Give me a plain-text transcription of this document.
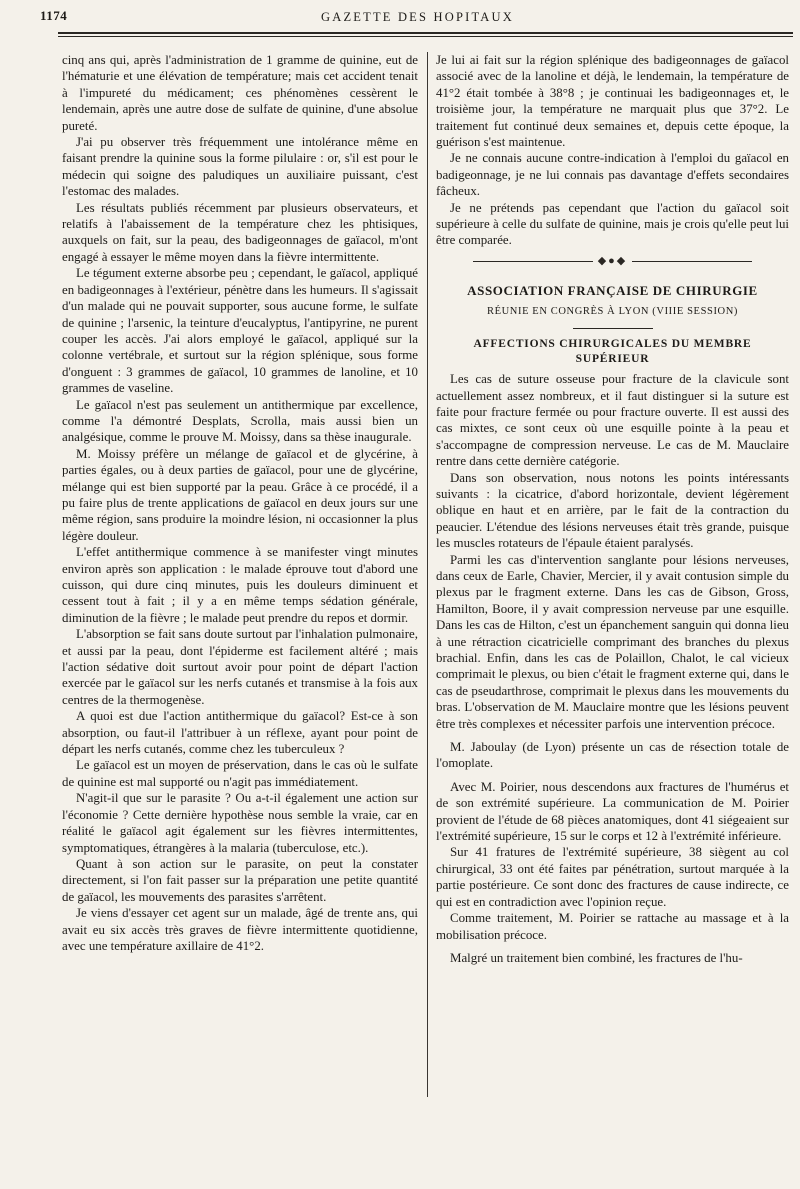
1174	GAZETTE DES HOPITAUX

cinq ans qui, après l'administration de 1 gramme de quinine, eut de l'hématurie et une élévation de température; mais cet accident tenait à l'impureté du médicament; ces phénomènes cessèrent le lendemain, après une autre dose de sulfate de quinine, d'une absolue pureté.

J'ai pu observer très fréquemment une intolérance même en faisant prendre la quinine sous la forme pilulaire : or, s'il est pour le médecin qui soigne des paludiques un auxiliaire puissant, c'est l'estomac des malades.

Les résultats publiés récemment par plusieurs observateurs, et relatifs à l'abaissement de la température chez les phtisiques, auxquels on fait, sur la peau, des badigeonnages de gaïacol, m'ont engagé à essayer le même moyen dans la fièvre intermittente.

Le tégument externe absorbe peu ; cependant, le gaïacol, appliqué en badigeonnages à l'extérieur, pénètre dans les humeurs. Il s'agissait d'un malade qui ne pouvait supporter, sous aucune forme, le sulfate de quinine ; l'arsenic, la teinture d'eucalyptus, l'antipyrine, ne purent couper les accès. J'ai alors employé le gaïacol, appliqué sur la colonne vertébrale, et surtout sur la région splénique, sous forme d'onguent : 3 grammes de gaïacol, 10 grammes de lanoline, et 10 grammes de vaseline.

Le gaïacol n'est pas seulement un antithermique par excellence, comme l'a démontré Desplats, Scrolla, mais aussi bien un analgésique, comme le prouve M. Moissy, dans sa thèse inaugurale.

M. Moissy préfère un mélange de gaïacol et de glycérine, à parties égales, ou à deux parties de gaïacol, pour une de glycérine, mélange qui est bien supporté par la peau. Grâce à ce procédé, il a pu faire plus de trente applications de gaïacol en deux jours sur une même région, sans produire la moindre lésion, ni occasionner la plus légère douleur.

L'effet antithermique commence à se manifester vingt minutes environ après son application : le malade éprouve tout d'abord une cuisson, qui dure cinq minutes, puis les douleurs diminuent et cessent tout à fait ; il y a en même temps sédation générale, diminution de la fièvre ; le malade peut prendre du repos et dormir.

L'absorption se fait sans doute surtout par l'inhalation pulmonaire, et aussi par la peau, dont l'épiderme est facilement altéré ; mais l'action sédative doit surtout avoir pour point de départ l'action exercée par le gaïacol sur les nerfs cutanés et transmise à la fois aux centres de la thermogenèse.

A quoi est due l'action antithermique du gaïacol? Est-ce à son absorption, ou faut-il l'attribuer à un réflexe, ayant pour point de départ les nerfs cutanés, comme chez les tuberculeux ?

Le gaïacol est un moyen de préservation, dans le cas où le sulfate de quinine est mal supporté ou n'agit pas immédiatement.

N'agit-il que sur le parasite ? Ou a-t-il également une action sur l'économie ? Cette dernière hypothèse nous semble la vraie, car en réalité le gaïacol agit également sur les fièvres intermittentes, symptomatiques, étrangères à la malaria (tuberculose, etc.).

Quant à son action sur le parasite, on peut la constater directement, si l'on fait passer sur la préparation une petite quantité de gaïacol, les mouvements des parasites s'arrêtent.

Je viens d'essayer cet agent sur un malade, âgé de trente ans, qui avait eu six accès très graves de fièvre intermittente quotidienne, avec une température axillaire de 41°2.

Je lui ai fait sur la région splénique des badigeonnages de gaïacol associé avec de la lanoline et déjà, le lendemain, la température de 41°2 était tombée à 38°8 ; je continuai les badigeonnages et, le troisième jour, la température ne marquait plus que 37°2. Le traitement fut continué deux semaines et, depuis cette époque, la guérison s'est maintenue.

Je ne connais aucune contre-indication à l'emploi du gaïacol en badigeonnage, je ne lui connais pas davantage d'effets secondaires fâcheux.

Je ne prétends pas cependant que l'action du gaïacol soit supérieure à celle du sulfate de quinine, mais je crois qu'elle peut lui être comparée.

◆●◆
ASSOCIATION FRANÇAISE DE CHIRURGIE
RÉUNIE EN CONGRÈS À LYON (VIIIE SESSION)
AFFECTIONS CHIRURGICALES DU MEMBRE SUPÉRIEUR

Les cas de suture osseuse pour fracture de la clavicule sont actuellement assez nombreux, et il faut distinguer si la suture est faite pour fracture fermée ou pour fracture ouverte. Il est aussi des cas mixtes, ce sont ceux où une esquille pointe à la peau et s'accompagne de compression nerveuse. Le cas de M. Mauclaire rentre dans cette dernière catégorie.

Dans son observation, nous notons les points intéressants suivants : la cicatrice, d'abord horizontale, devient légèrement oblique en haut et en arrière, par le fait de la contraction du peaucier. L'étendue des lésions nerveuses était très grande, puisque les muscles rotateurs de l'épaule étaient paralysés.

Parmi les cas d'intervention sanglante pour lésions nerveuses, dans ceux de Earle, Chavier, Mercier, il y avait contusion simple du plexus par le fragment externe. Dans les cas de Gibson, Gross, Hamilton, Boore, il y avait compression nerveuse par une esquille. Dans les cas de Hilton, c'est un épanchement sanguin qui donna lieu à une rétraction cicatricielle comprimant des branches du plexus brachial. Enfin, dans les cas de Polaillon, Chalot, le cal vicieux comprimait le plexus, ou bien c'était le fragment externe qui, dans le cas de pseudarthrose, comprimait le plexus dans les mouvements du bras. L'observation de M. Mauclaire montre que les lésions peuvent être très complexes et nécessiter parfois une intervention précoce.

M. Jaboulay (de Lyon) présente un cas de résection totale de l'omoplate.

Avec M. Poirier, nous descendons aux fractures de l'humérus et de son extrémité supérieure. La communication de M. Poirier provient de l'étude de 68 pièces anatomiques, dont 41 siégeaient sur l'extrémité supérieure, 15 sur le corps et 12 à l'extrémité inférieure.

Sur 41 fratures de l'extrémité supérieure, 38 siègent au col chirurgical, 33 ont été faites par pénétration, surtout marquée à la partie postérieure. Ce sont donc des fractures de cause indirecte, ce qui est en contradiction avec l'opinion reçue.

Comme traitement, M. Poirier se rattache au massage et à la mobilisation précoce.

Malgré un traitement bien combiné, les fractures de l'hu-
